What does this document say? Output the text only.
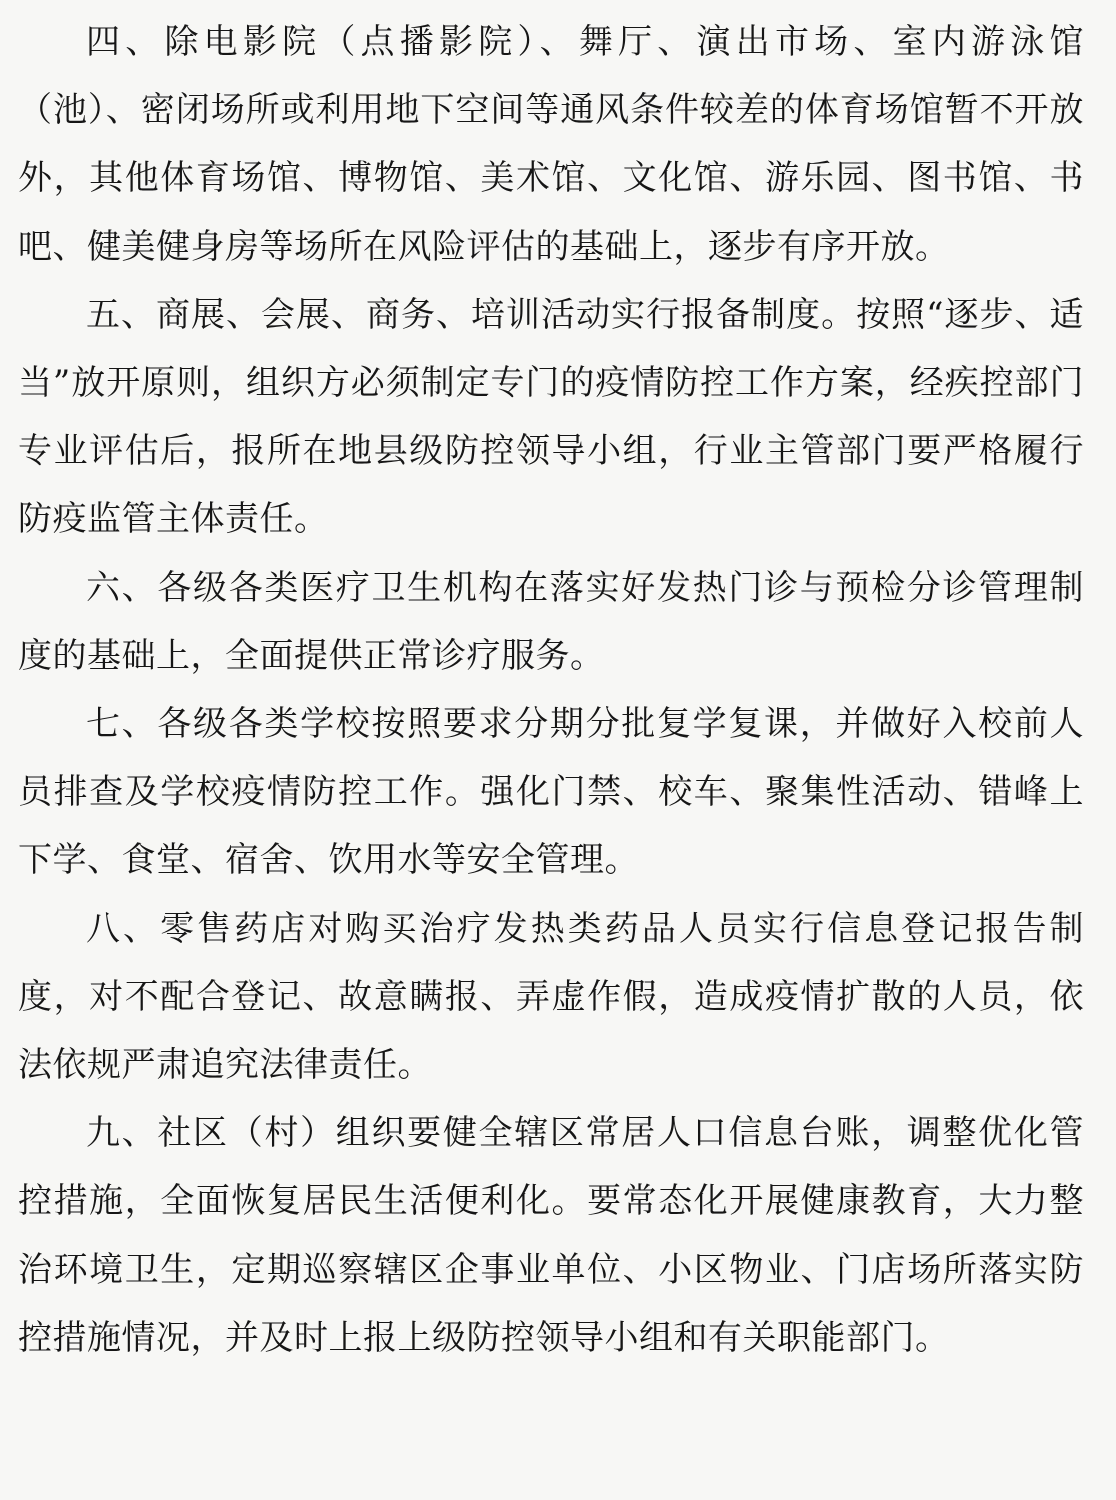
四、除电影院（点播影院）、舞厅、演出市场、室内游泳馆（池）、密闭场所或利用地下空间等通风条件较差的体育场馆暂不开放外，其他体育场馆、博物馆、美术馆、文化馆、游乐园、图书馆、书吧、健美健身房等场所在风险评估的基础上，逐步有序开放。

五、商展、会展、商务、培训活动实行报备制度。按照“逐步、适当”放开原则，组织方必须制定专门的疫情防控工作方案，经疾控部门专业评估后，报所在地县级防控领导小组，行业主管部门要严格履行防疫监管主体责任。

六、各级各类医疗卫生机构在落实好发热门诊与预检分诊管理制度的基础上，全面提供正常诊疗服务。

七、各级各类学校按照要求分期分批复学复课，并做好入校前人员排查及学校疫情防控工作。强化门禁、校车、聚集性活动、错峰上下学、食堂、宿舍、饮用水等安全管理。

八、零售药店对购买治疗发热类药品人员实行信息登记报告制度，对不配合登记、故意瞒报、弄虚作假，造成疫情扩散的人员，依法依规严肃追究法律责任。

九、社区（村）组织要健全辖区常居人口信息台账，调整优化管控措施，全面恢复居民生活便利化。要常态化开展健康教育，大力整治环境卫生，定期巡察辖区企事业单位、小区物业、门店场所落实防控措施情况，并及时上报上级防控领导小组和有关职能部门。
